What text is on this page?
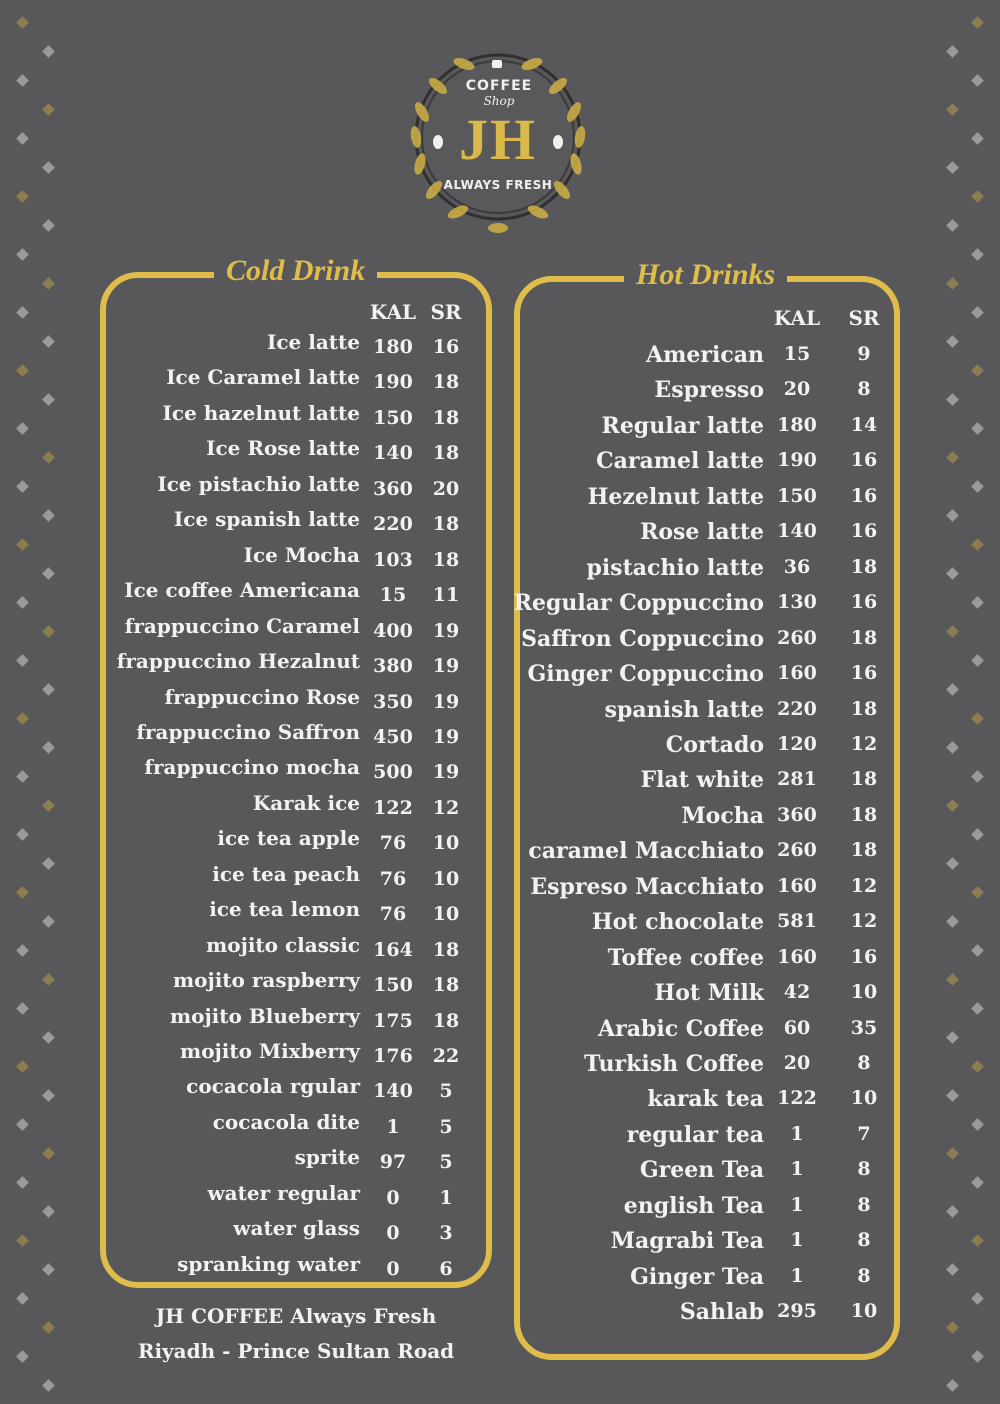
COFFEE
Shop
JH
ALWAYS FRESH
Cold Drink
KAL SR
Ice latte 180	16
Ice Caramel latte 190	18
Ice hazelnut latte 150	18
Ice Rose latte 140	18
Ice pistachio latte 360	20
Ice spanish latte 220	18
Ice Mocha 103	18
Ice coffee Americana	15	11
frappuccino Caramel 400	19
frappuccino Hezalnut 380	19
frappuccino Rose 350	19
frappuccino Saffron 450	19
frappuccino mocha 500	19
Karak ice 122	12
ice tea apple	76	10
ice tea peach	76	10
ice tea lemon	76	10
mojito classic 164	18
mojito raspberry 150	18
mojito Blueberry 175	18
mojito Mixberry 176	22
cocacola rgular 140	5
cocacola dite	1	5
sprite	97	5
water regular	0	1
water glass	0	3
spranking water	0	6
Hot Drinks
KAL	SR
American	15	9
Espresso	20	8
Regular latte 180	14
Caramel latte 190	16
Hezelnut latte 150	16
Rose latte 140	16
pistachio latte	36	18
Regular Coppuccino 130	16
Saffron Coppuccino 260	18
Ginger Coppuccino 160	16
spanish latte 220	18
Cortado 120	12
Flat white 281	18
Mocha 360	18
caramel Macchiato 260	18
Espreso Macchiato 160	12
Hot chocolate 581	12
Toffee coffee 160	16
Hot Milk	42	10
Arabic Coffee	60	35
Turkish Coffee	20	8
karak tea 122	10
regular tea	1	7
Green Tea	1	8
english Tea	1	8
Magrabi Tea	1	8
Ginger Tea	1	8
Sahlab 295	10
JH COFFEE Always Fresh
Riyadh - Prince Sultan Road
